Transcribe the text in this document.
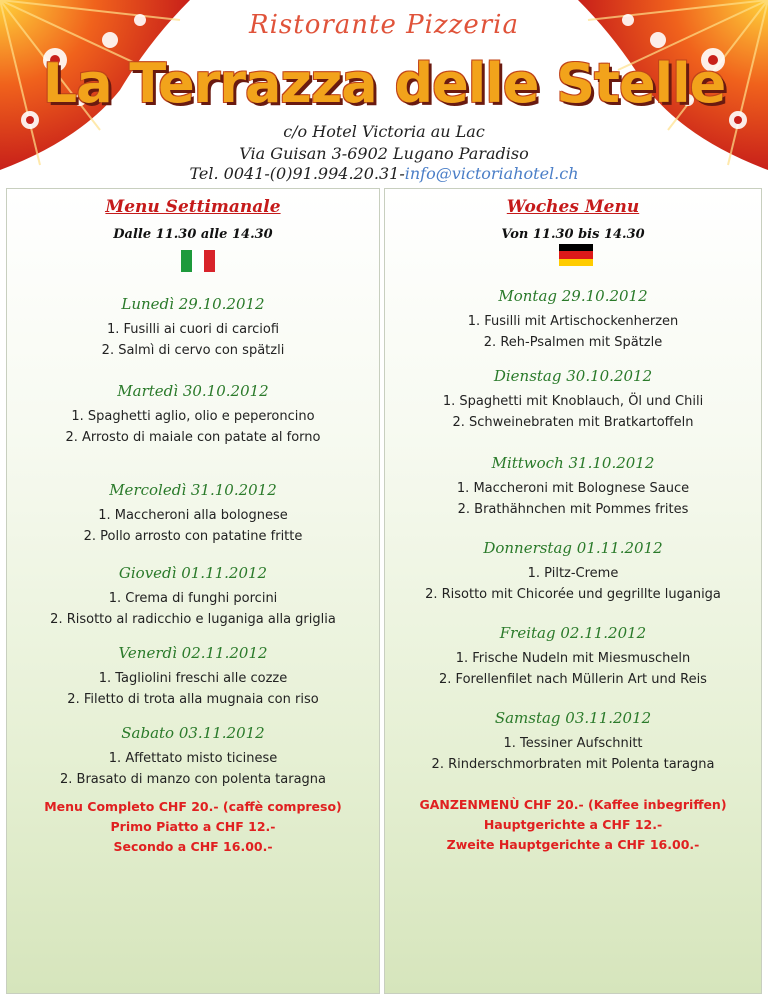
Ristorante Pizzeria
La Terrazza delle Stelle
c/o Hotel Victoria au Lac
Via Guisan 3-6902 Lugano Paradiso
Tel. 0041-(0)91.994.20.31-info@victoriahotel.ch
Menu Settimanale
Dalle 11.30 alle 14.30
Lunedì 29.10.2012
1. Fusilli ai cuori di carciofi
2. Salmì di cervo con spätzli
Martedì 30.10.2012
1. Spaghetti aglio, olio e peperoncino
2. Arrosto di maiale con patate al forno
Mercoledì 31.10.2012
1. Maccheroni alla bolognese
2. Pollo arrosto con patatine fritte
Giovedì 01.11.2012
1. Crema di funghi porcini
2. Risotto al radicchio e luganiga alla griglia
Venerdì 02.11.2012
1. Tagliolini freschi alle cozze
2. Filetto di trota alla mugnaia con riso
Sabato 03.11.2012
1. Affettato misto ticinese
2. Brasato di manzo con polenta taragna
Menu Completo CHF 20.- (caffè compreso)
Primo Piatto a CHF 12.-
Secondo a CHF 16.00.-
Woches Menu
Von 11.30 bis 14.30
Montag 29.10.2012
1. Fusilli mit Artischockenherzen
2. Reh-Psalmen mit Spätzle
Dienstag 30.10.2012
1. Spaghetti mit Knoblauch, Öl und Chili
2. Schweinebraten mit Bratkartoffeln
Mittwoch 31.10.2012
1. Maccheroni mit Bolognese Sauce
2. Brathähnchen mit Pommes frites
Donnerstag 01.11.2012
1. Piltz-Creme
2. Risotto mit Chicorée und gegrillte luganiga
Freitag 02.11.2012
1. Frische Nudeln mit Miesmuscheln
2. Forellenfilet nach Müllerin Art und Reis
Samstag 03.11.2012
1. Tessiner Aufschnitt
2. Rinderschmorbraten mit Polenta taragna
GANZENMENÙ CHF 20.- (Kaffee inbegriffen)
Hauptgerichte a CHF 12.-
Zweite Hauptgerichte a CHF 16.00.-
